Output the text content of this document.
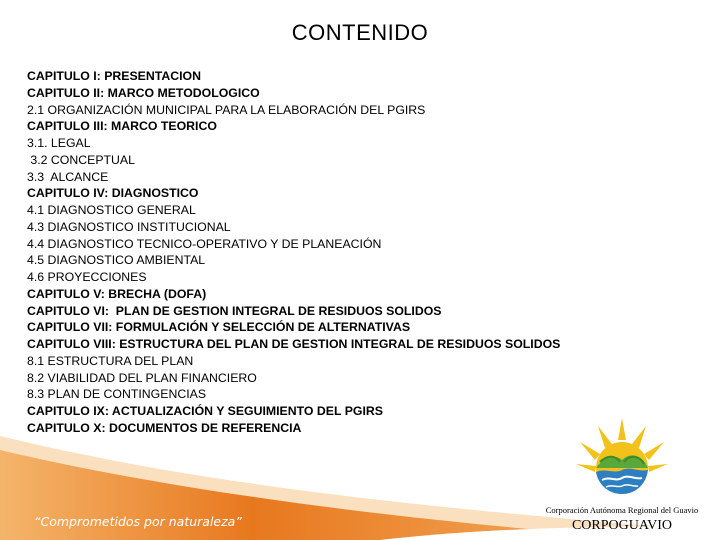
CONTENIDO
CAPITULO I: PRESENTACION
CAPITULO II: MARCO METODOLOGICO
2.1 ORGANIZACIÓN MUNICIPAL PARA LA ELABORACIÓN DEL PGIRS
CAPITULO III: MARCO TEORICO
3.1. LEGAL
3.2 CONCEPTUAL
3.3  ALCANCE
CAPITULO IV: DIAGNOSTICO
4.1 DIAGNOSTICO GENERAL
4.3 DIAGNOSTICO INSTITUCIONAL
4.4 DIAGNOSTICO TECNICO-OPERATIVO Y DE PLANEACIÓN
4.5 DIAGNOSTICO AMBIENTAL
4.6 PROYECCIONES
CAPITULO V: BRECHA (DOFA)
CAPITULO VI:  PLAN DE GESTION INTEGRAL DE RESIDUOS SOLIDOS
CAPITULO VII: FORMULACIÓN Y SELECCIÓN DE ALTERNATIVAS
CAPITULO VIII: ESTRUCTURA DEL PLAN DE GESTION INTEGRAL DE RESIDUOS SOLIDOS
8.1 ESTRUCTURA DEL PLAN
8.2 VIABILIDAD DEL PLAN FINANCIERO
8.3 PLAN DE CONTINGENCIAS
CAPITULO IX: ACTUALIZACIÓN Y SEGUIMIENTO DEL PGIRS
CAPITULO X: DOCUMENTOS DE REFERENCIA
“Comprometidos por naturaleza”
Corporación Autónoma Regional del Guavio
CORPOGUAVIO
